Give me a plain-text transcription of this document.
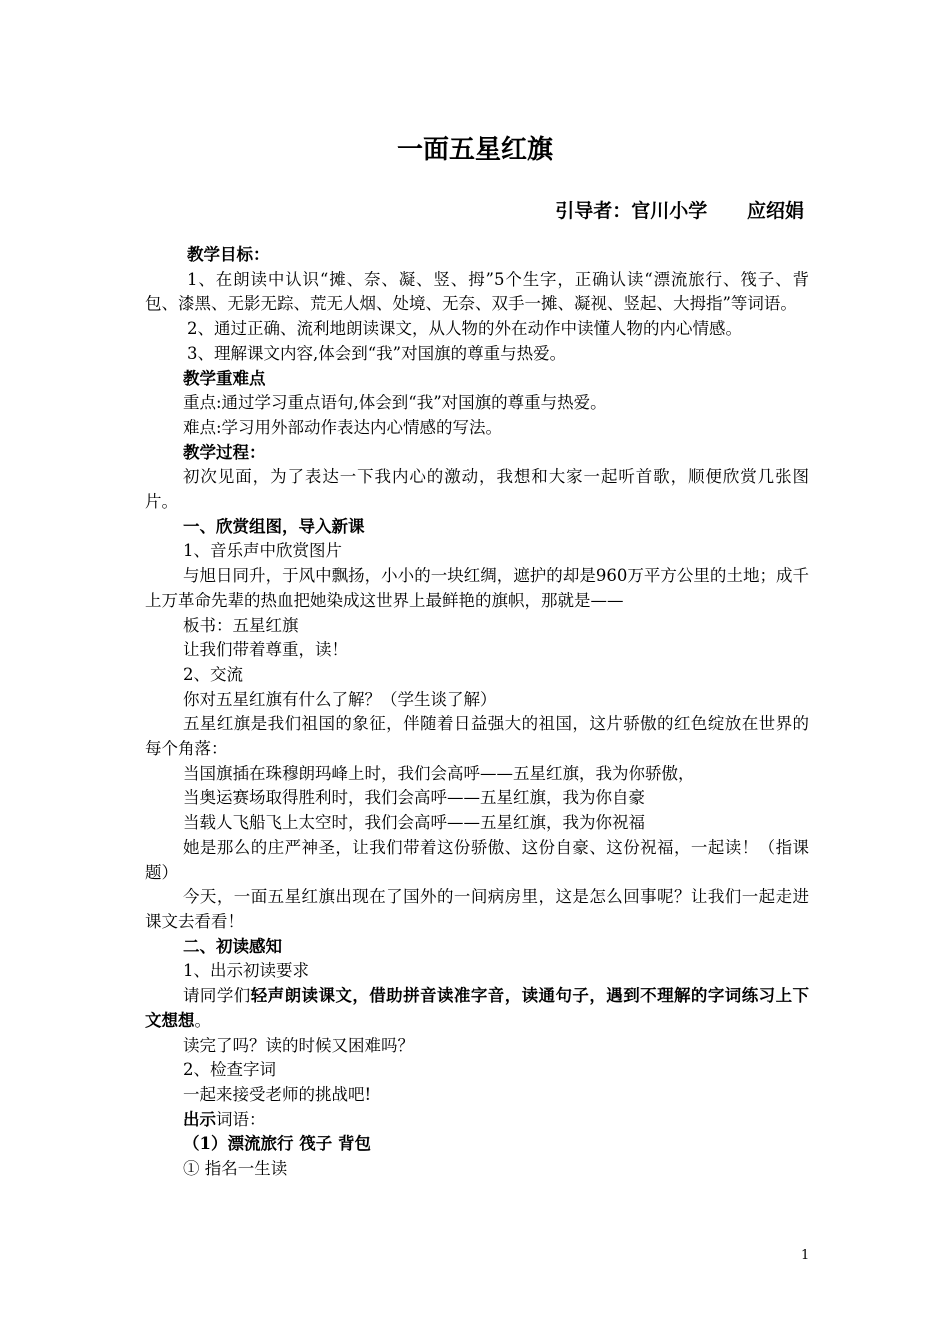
一面五星红旗
引导者：官川小学      应绍娟

教学目标：

1、在朗读中认识“摊、奈、凝、竖、拇”5个生字，正确认读“漂流旅行、筏子、背包、漆黑、无影无踪、荒无人烟、处境、无奈、双手一摊、凝视、竖起、大拇指”等词语。

2、通过正确、流利地朗读课文，从人物的外在动作中读懂人物的内心情感。

3、理解课文内容,体会到“我”对国旗的尊重与热爱。

教学重难点

重点:通过学习重点语句,体会到“我”对国旗的尊重与热爱。

难点:学习用外部动作表达内心情感的写法。

教学过程：

初次见面，为了表达一下我内心的激动，我想和大家一起听首歌，顺便欣赏几张图片。

一、欣赏组图，导入新课

1、音乐声中欣赏图片

与旭日同升，于风中飘扬，小小的一块红绸，遮护的却是960万平方公里的土地；成千上万革命先辈的热血把她染成这世界上最鲜艳的旗帜，那就是——

板书：五星红旗

让我们带着尊重，读！

2、交流

你对五星红旗有什么了解？（学生谈了解）

五星红旗是我们祖国的象征，伴随着日益强大的祖国，这片骄傲的红色绽放在世界的每个角落：

当国旗插在珠穆朗玛峰上时，我们会高呼——五星红旗，我为你骄傲，

当奥运赛场取得胜利时，我们会高呼——五星红旗，我为你自豪

当载人飞船飞上太空时，我们会高呼——五星红旗，我为你祝福

她是那么的庄严神圣，让我们带着这份骄傲、这份自豪、这份祝福，一起读！（指课题）

今天，一面五星红旗出现在了国外的一间病房里，这是怎么回事呢？让我们一起走进课文去看看！

二、初读感知

1、出示初读要求

请同学们轻声朗读课文，借助拼音读准字音，读通句子，遇到不理解的字词练习上下文想想。

读完了吗？读的时候又困难吗？

2、检查字词

一起来接受老师的挑战吧!

出示词语：

（1）漂流旅行 筏子 背包

① 指名一生读

1
